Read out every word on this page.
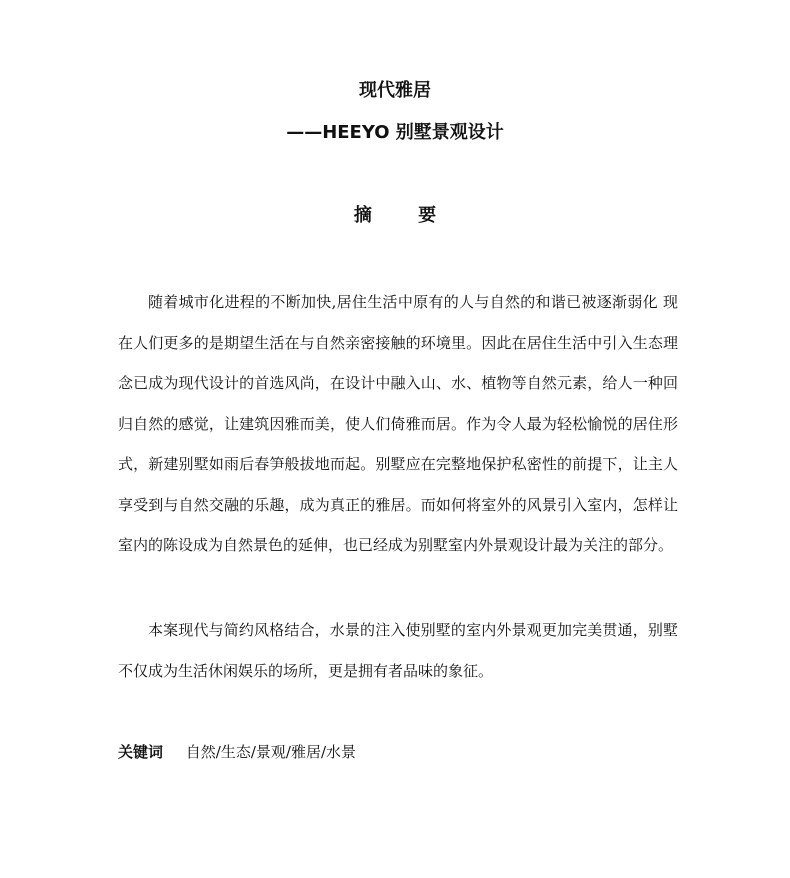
现代雅居
——HEEYO 别墅景观设计
摘 要
随着城市化进程的不断加快,居住生活中原有的人与自然的和谐已被逐渐弱化 现在人们更多的是期望生活在与自然亲密接触的环境里。因此在居住生活中引入生态理念已成为现代设计的首选风尚，在设计中融入山、水、植物等自然元素，给人一种回归自然的感觉，让建筑因雅而美，使人们倚雅而居。作为令人最为轻松愉悦的居住形式，新建别墅如雨后春笋般拔地而起。别墅应在完整地保护私密性的前提下，让主人享受到与自然交融的乐趣，成为真正的雅居。而如何将室外的风景引入室内，怎样让室内的陈设成为自然景色的延伸，也已经成为别墅室内外景观设计最为关注的部分。
本案现代与简约风格结合，水景的注入使别墅的室内外景观更加完美贯通，别墅不仅成为生活休闲娱乐的场所，更是拥有者品味的象征。
关键词 自然/生态/景观/雅居/水景
